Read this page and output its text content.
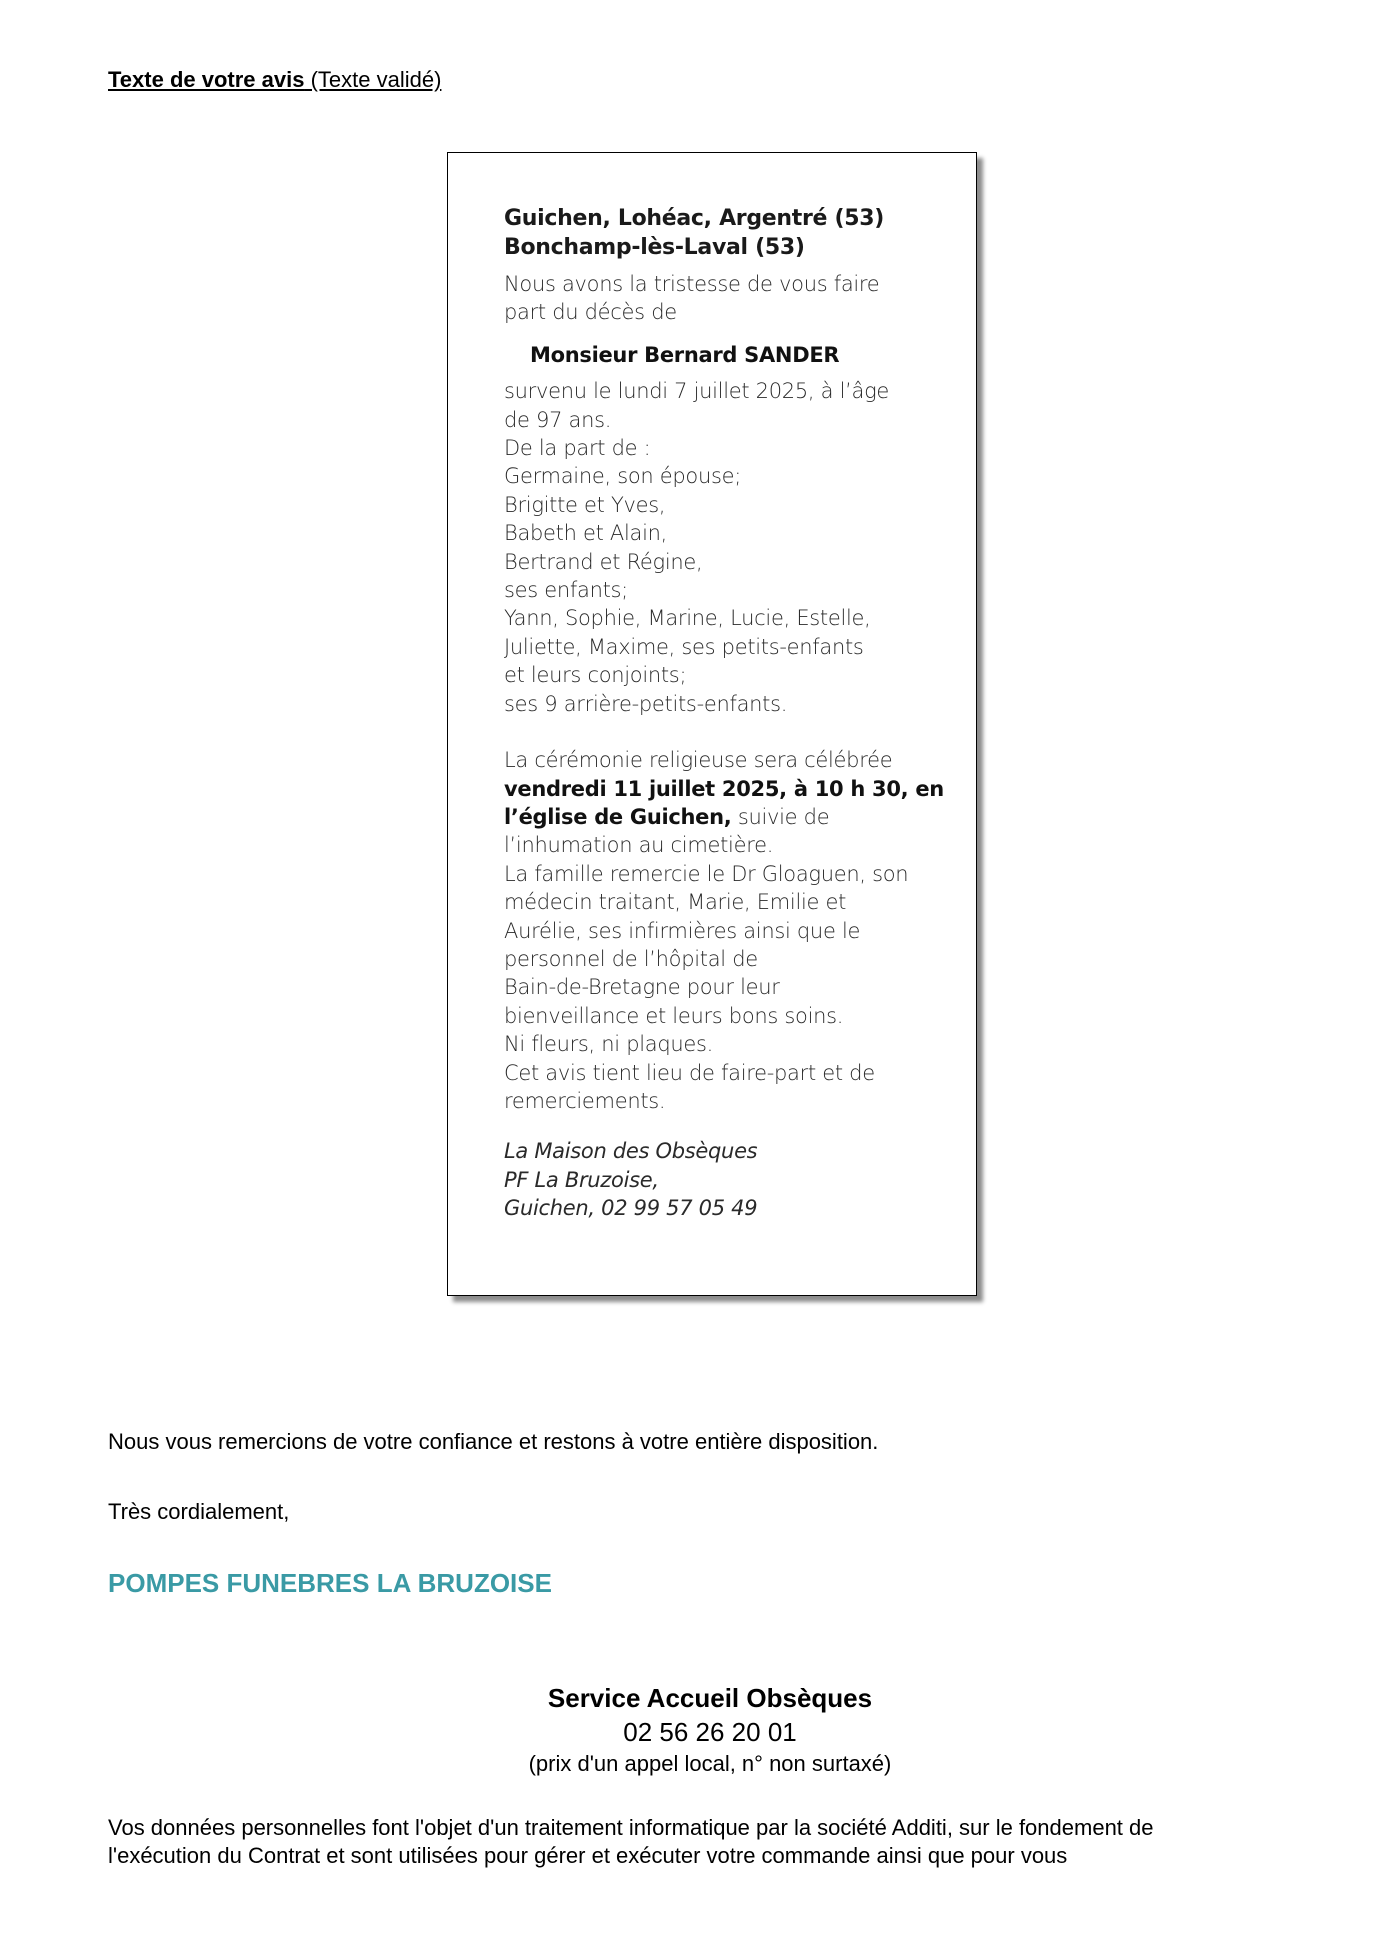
Texte de votre avis (Texte validé)
Guichen, Lohéac, Argentré (53)
Bonchamp-lès-Laval (53)
Nous avons la tristesse de vous faire
part du décès de
Monsieur Bernard SANDER
survenu le lundi 7 juillet 2025, à l’âge
de 97 ans.
De la part de :
Germaine, son épouse;
Brigitte et Yves,
Babeth et Alain,
Bertrand et Régine,
ses enfants;
Yann, Sophie, Marine, Lucie, Estelle,
Juliette, Maxime, ses petits-enfants
et leurs conjoints;
ses 9 arrière-petits-enfants.
La cérémonie religieuse sera célébrée
vendredi 11 juillet 2025, à 10 h 30, en
l’église de Guichen, suivie de
l’inhumation au cimetière.
La famille remercie le Dr Gloaguen, son
médecin traitant, Marie, Emilie et
Aurélie, ses infirmières ainsi que le
personnel de l’hôpital de
Bain-de-Bretagne pour leur
bienveillance et leurs bons soins.
Ni fleurs, ni plaques.
Cet avis tient lieu de faire-part et de
remerciements.
La Maison des Obsèques
PF La Bruzoise,
Guichen, 02 99 57 05 49
Nous vous remercions de votre confiance et restons à votre entière disposition.
Très cordialement,
POMPES FUNEBRES LA BRUZOISE
Service Accueil Obsèques
02 56 26 20 01
(prix d'un appel local, n° non surtaxé)
Vos données personnelles font l'objet d'un traitement informatique par la société Additi, sur le fondement de
l'exécution du Contrat et sont utilisées pour gérer et exécuter votre commande ainsi que pour vous
